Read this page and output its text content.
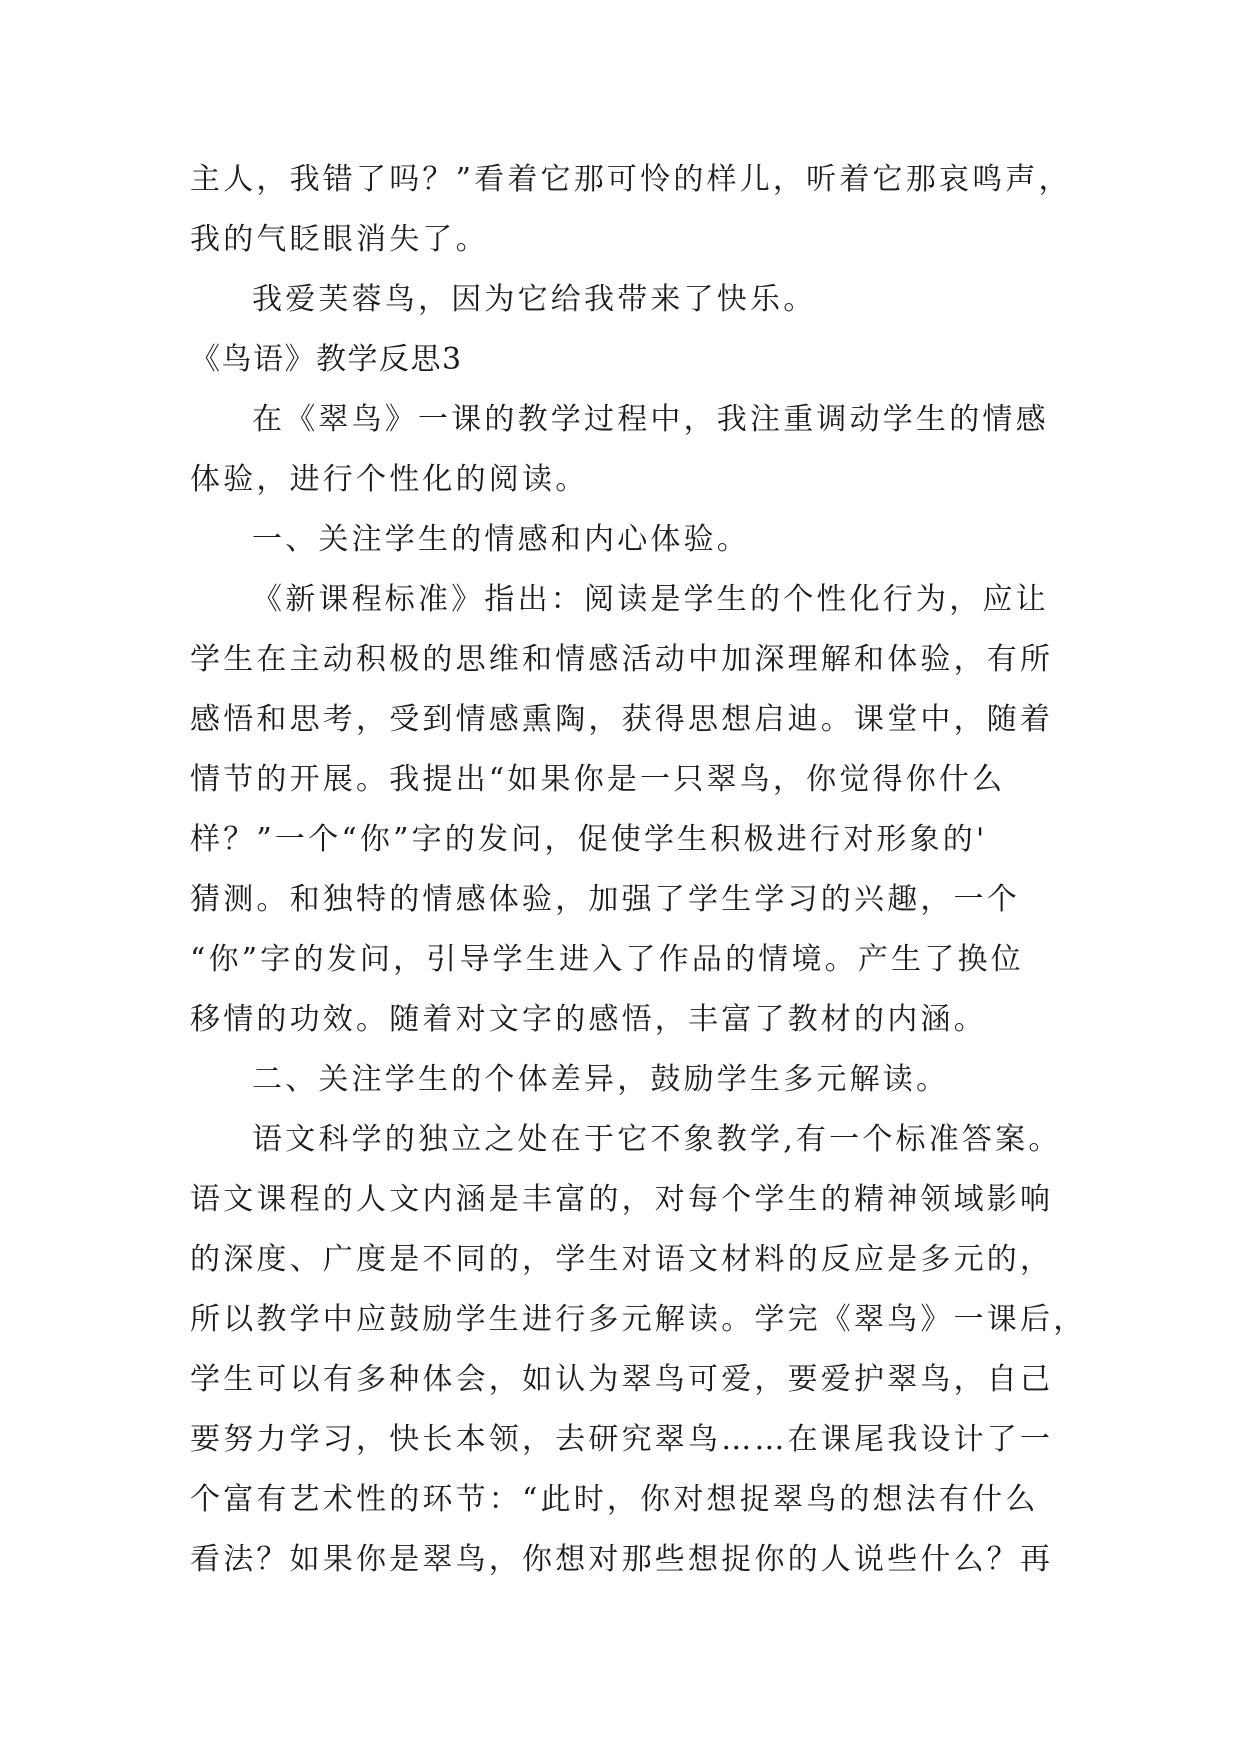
主人，我错了吗？”看着它那可怜的样儿，听着它那哀鸣声，
我的气眨眼消失了。
我爱芙蓉鸟，因为它给我带来了快乐。
《鸟语》教学反思3
在《翠鸟》一课的教学过程中，我注重调动学生的情感
体验，进行个性化的阅读。
一、关注学生的情感和内心体验。
《新课程标准》指出：阅读是学生的个性化行为，应让
学生在主动积极的思维和情感活动中加深理解和体验，有所
感悟和思考，受到情感熏陶，获得思想启迪。课堂中，随着
情节的开展。我提出“如果你是一只翠鸟，你觉得你什么
样？”一个“你”字的发问，促使学生积极进行对形象的'
猜测。和独特的情感体验，加强了学生学习的兴趣，一个
“你”字的发问，引导学生进入了作品的情境。产生了换位
移情的功效。随着对文字的感悟，丰富了教材的内涵。
二、关注学生的个体差异，鼓励学生多元解读。
语文科学的独立之处在于它不象教学,有一个标准答案。
语文课程的人文内涵是丰富的，对每个学生的精神领域影响
的深度、广度是不同的，学生对语文材料的反应是多元的，
所以教学中应鼓励学生进行多元解读。学完《翠鸟》一课后，
学生可以有多种体会，如认为翠鸟可爱，要爱护翠鸟，自己
要努力学习，快长本领，去研究翠鸟……在课尾我设计了一
个富有艺术性的环节：“此时，你对想捉翠鸟的想法有什么
看法？如果你是翠鸟，你想对那些想捉你的人说些什么？再
